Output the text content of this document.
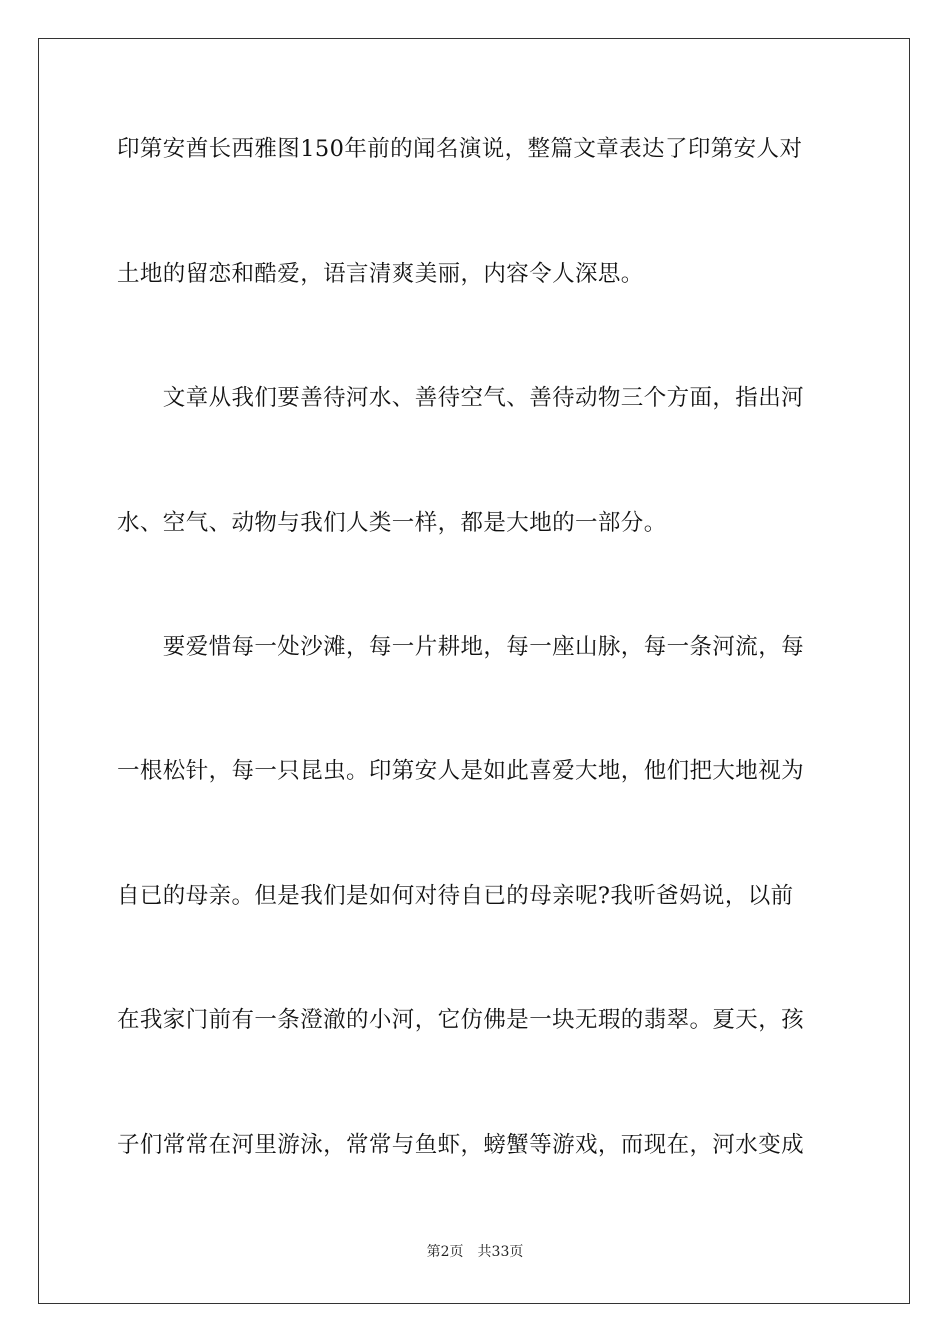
印第安酋长西雅图150年前的闻名演说，整篇文章表达了印第安人对
土地的留恋和酷爱，语言清爽美丽，内容令人深思。
　　文章从我们要善待河水、善待空气、善待动物三个方面，指出河
水、空气、动物与我们人类一样，都是大地的一部分。
　　要爱惜每一处沙滩，每一片耕地，每一座山脉，每一条河流，每
一根松针，每一只昆虫。印第安人是如此喜爱大地，他们把大地视为
自已的母亲。但是我们是如何对待自已的母亲呢?我听爸妈说，以前
在我家门前有一条澄澈的小河，它仿佛是一块无瑕的翡翠。夏天，孩
子们常常在河里游泳，常常与鱼虾，螃蟹等游戏，而现在，河水变成
第2页 共33页
